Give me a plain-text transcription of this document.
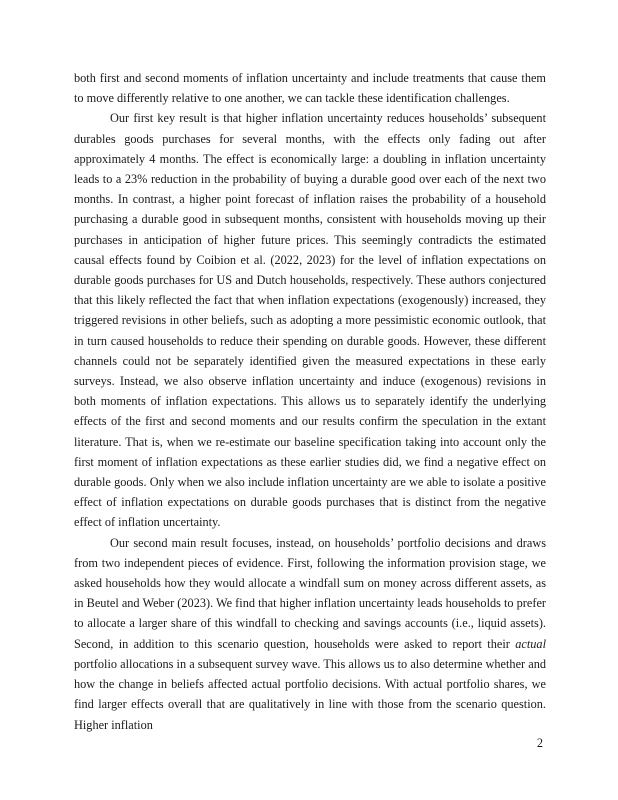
both first and second moments of inflation uncertainty and include treatments that cause them to move differently relative to one another, we can tackle these identification challenges.

Our first key result is that higher inflation uncertainty reduces households’ subsequent durables goods purchases for several months, with the effects only fading out after approximately 4 months. The effect is economically large: a doubling in inflation uncertainty leads to a 23% reduction in the probability of buying a durable good over each of the next two months. In contrast, a higher point forecast of inflation raises the probability of a household purchasing a durable good in subsequent months, consistent with households moving up their purchases in anticipation of higher future prices. This seemingly contradicts the estimated causal effects found by Coibion et al. (2022, 2023) for the level of inflation expectations on durable goods purchases for US and Dutch households, respectively. These authors conjectured that this likely reflected the fact that when inflation expectations (exogenously) increased, they triggered revisions in other beliefs, such as adopting a more pessimistic economic outlook, that in turn caused households to reduce their spending on durable goods. However, these different channels could not be separately identified given the measured expectations in these early surveys. Instead, we also observe inflation uncertainty and induce (exogenous) revisions in both moments of inflation expectations. This allows us to separately identify the underlying effects of the first and second moments and our results confirm the speculation in the extant literature. That is, when we re-estimate our baseline specification taking into account only the first moment of inflation expectations as these earlier studies did, we find a negative effect on durable goods. Only when we also include inflation uncertainty are we able to isolate a positive effect of inflation expectations on durable goods purchases that is distinct from the negative effect of inflation uncertainty.

Our second main result focuses, instead, on households’ portfolio decisions and draws from two independent pieces of evidence. First, following the information provision stage, we asked households how they would allocate a windfall sum on money across different assets, as in Beutel and Weber (2023). We find that higher inflation uncertainty leads households to prefer to allocate a larger share of this windfall to checking and savings accounts (i.e., liquid assets). Second, in addition to this scenario question, households were asked to report their actual portfolio allocations in a subsequent survey wave. This allows us to also determine whether and how the change in beliefs affected actual portfolio decisions. With actual portfolio shares, we find larger effects overall that are qualitatively in line with those from the scenario question. Higher inflation

2
